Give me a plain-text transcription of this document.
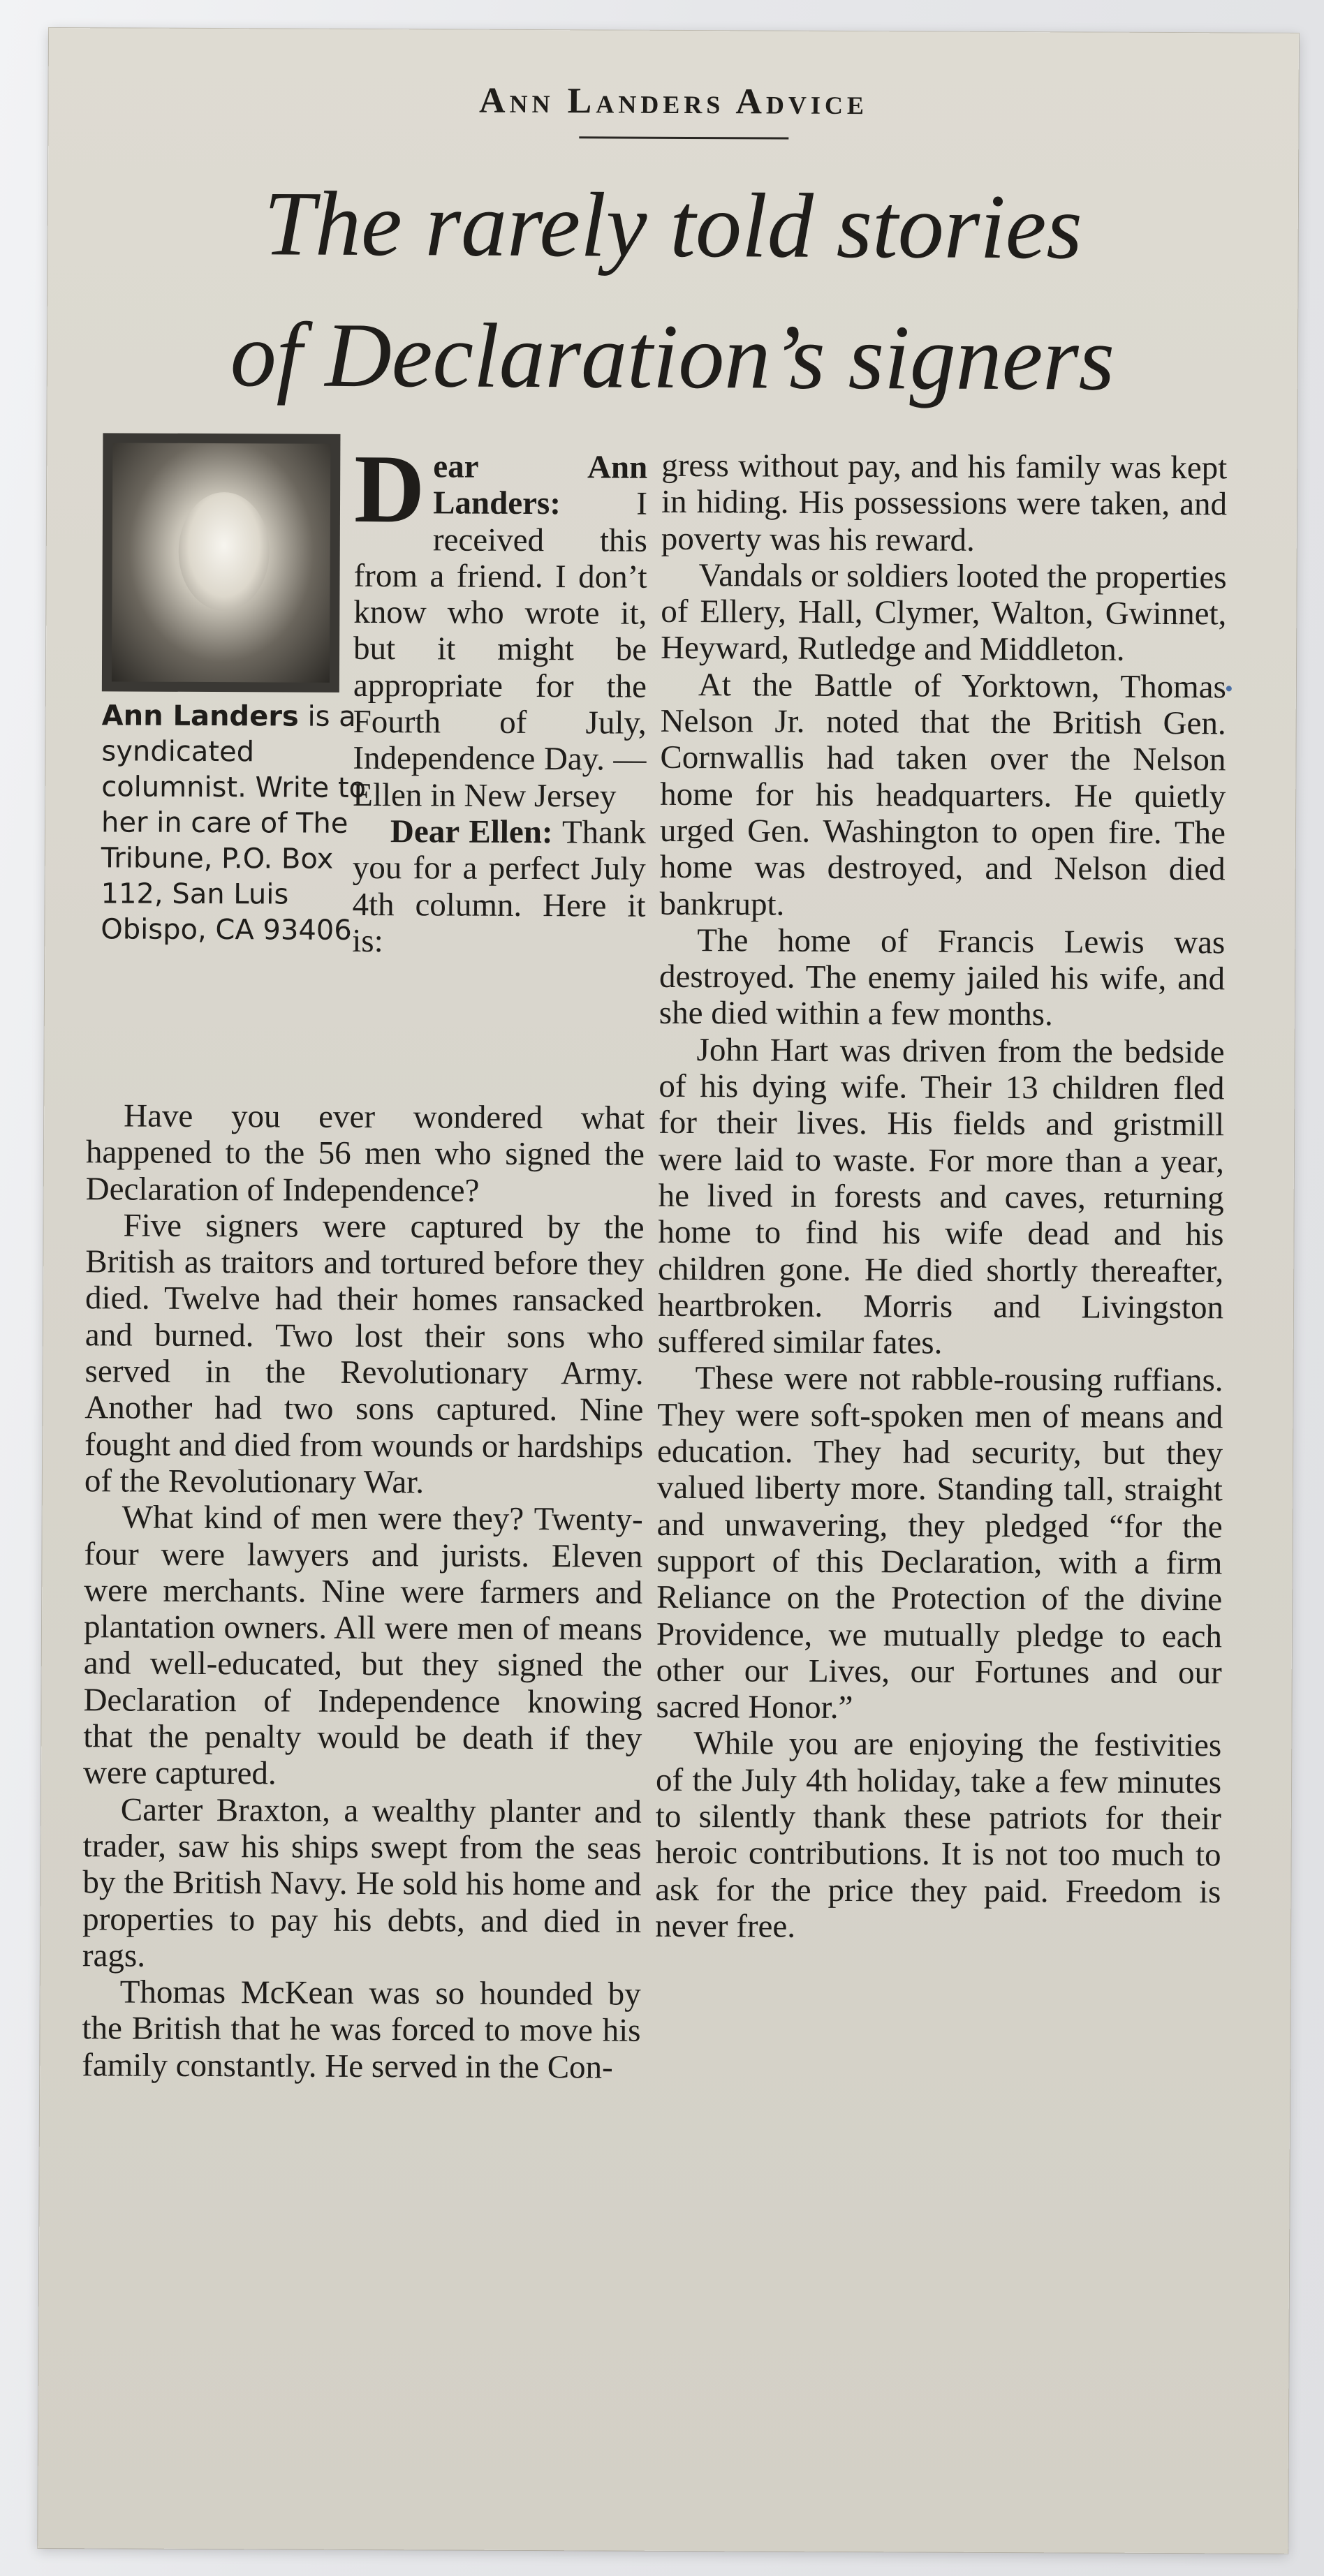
Ann Landers Advice
The rarely told stories
of Declaration’s signers
Ann Landers is a syndicated columnist. Write to her in care of The Tribune, P.O. Box 112, San Luis Obispo, CA 93406

Dear Ann Landers: I received this from a friend. I don’t know who wrote it, but it might be appropriate for the Fourth of July, Independence Day. — Ellen in New Jersey

Dear Ellen: Thank you for a perfect July 4th column. Here it is:

Have you ever wondered what happened to the 56 men who signed the Declaration of Independence?

Five signers were captured by the British as traitors and tortured before they died. Twelve had their homes ransacked and burned. Two lost their sons who served in the Revolutionary Army. Another had two sons captured. Nine fought and died from wounds or hardships of the Revolutionary War.

What kind of men were they? Twenty-four were lawyers and jurists. Eleven were merchants. Nine were farmers and plantation owners. All were men of means and well-educated, but they signed the Declaration of Independence knowing that the penalty would be death if they were captured.

Carter Braxton, a wealthy planter and trader, saw his ships swept from the seas by the British Navy. He sold his home and properties to pay his debts, and died in rags.

Thomas McKean was so hounded by the British that he was forced to move his family constantly. He served in the Con-

gress without pay, and his family was kept in hiding. His possessions were taken, and poverty was his reward.

Vandals or soldiers looted the properties of Ellery, Hall, Clymer, Walton, Gwinnet, Heyward, Rutledge and Middleton.

At the Battle of Yorktown, Thomas Nelson Jr. noted that the British Gen. Cornwallis had taken over the Nelson home for his headquarters. He quietly urged Gen. Washington to open fire. The home was destroyed, and Nelson died bankrupt.

The home of Francis Lewis was destroyed. The enemy jailed his wife, and she died within a few months.

John Hart was driven from the bedside of his dying wife. Their 13 children fled for their lives. His fields and gristmill were laid to waste. For more than a year, he lived in forests and caves, returning home to find his wife dead and his children gone. He died shortly thereafter, heartbroken. Morris and Livingston suffered similar fates.

These were not rabble-rousing ruffians. They were soft-spoken men of means and education. They had security, but they valued liberty more. Standing tall, straight and unwavering, they pledged “for the support of this Declaration, with a firm Reliance on the Protection of the divine Providence, we mutually pledge to each other our Lives, our Fortunes and our sacred Honor.”

While you are enjoying the festivities of the July 4th holiday, take a few minutes to silently thank these patriots for their heroic contributions. It is not too much to ask for the price they paid. Freedom is never free.
